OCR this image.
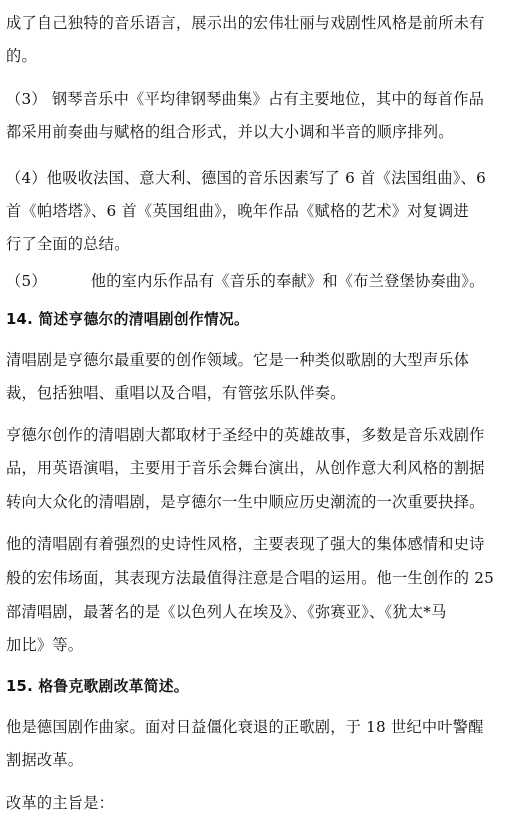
成了自己独特的音乐语言，展示出的宏伟壮丽与戏剧性风格是前所未有

的。

（3） 钢琴音乐中《平均律钢琴曲集》占有主要地位，其中的每首作品

都采用前奏曲与赋格的组合形式，并以大小调和半音的顺序排列。

（4）他吸收法国、意大利、德国的音乐因素写了 6 首《法国组曲》、6

首《帕塔塔》、6 首《英国组曲》，晚年作品《赋格的艺术》对复调进

行了全面的总结。

（5）	他的室内乐作品有《音乐的奉献》和《布兰登堡协奏曲》。

14. 简述亨德尔的清唱剧创作情况。

清唱剧是亨德尔最重要的创作领域。它是一种类似歌剧的大型声乐体

裁，包括独唱、重唱以及合唱，有管弦乐队伴奏。

亨德尔创作的清唱剧大都取材于圣经中的英雄故事，多数是音乐戏剧作

品，用英语演唱，主要用于音乐会舞台演出，从创作意大利风格的割据

转向大众化的清唱剧，是亨德尔一生中顺应历史潮流的一次重要抉择。

他的清唱剧有着强烈的史诗性风格，主要表现了强大的集体感情和史诗

般的宏伟场面，其表现方法最值得注意是合唱的运用。他一生创作的 25

部清唱剧，最著名的是《以色列人在埃及》、《弥赛亚》、《犹太*马

加比》等。

15. 格鲁克歌剧改革简述。

他是德国剧作曲家。面对日益僵化衰退的正歌剧，于 18 世纪中叶警醒

割据改革。

改革的主旨是：
